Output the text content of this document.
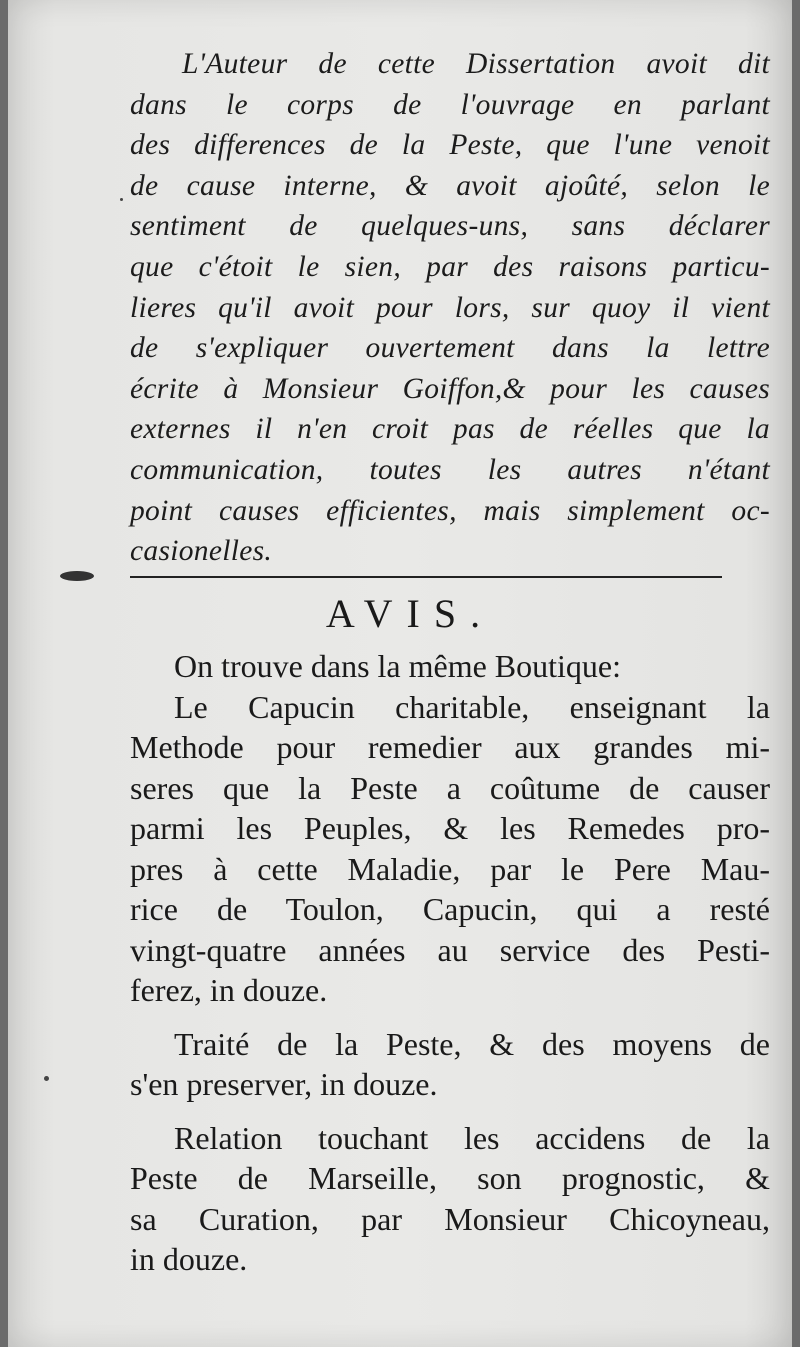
L'Auteur de cette Dissertation avoit dit
dans le corps de l'ouvrage en parlant
des differences de la Peste, que l'une venoit
de cause interne, & avoit ajoûté, selon le
sentiment de quelques-uns, sans déclarer
que c'étoit le sien, par des raisons particu-
lieres qu'il avoit pour lors, sur quoy il vient
de s'expliquer ouvertement dans la lettre
écrite à Monsieur Goiffon,& pour les causes
externes il n'en croit pas de réelles que la
communication, toutes les autres n'étant
point causes efficientes, mais simplement oc-
casionelles.
AVIS.
On trouve dans la même Boutique:
Le Capucin charitable, enseignant la
Methode pour remedier aux grandes mi-
seres que la Peste a coûtume de causer
parmi les Peuples, & les Remedes pro-
pres à cette Maladie, par le Pere Mau-
rice de Toulon, Capucin, qui a resté
vingt-quatre années au service des Pesti-
ferez, in douze.
Traité de la Peste, & des moyens de
s'en preserver, in douze.
Relation touchant les accidens de la
Peste de Marseille, son prognostic, &
sa Curation, par Monsieur Chicoyneau,
in douze.
